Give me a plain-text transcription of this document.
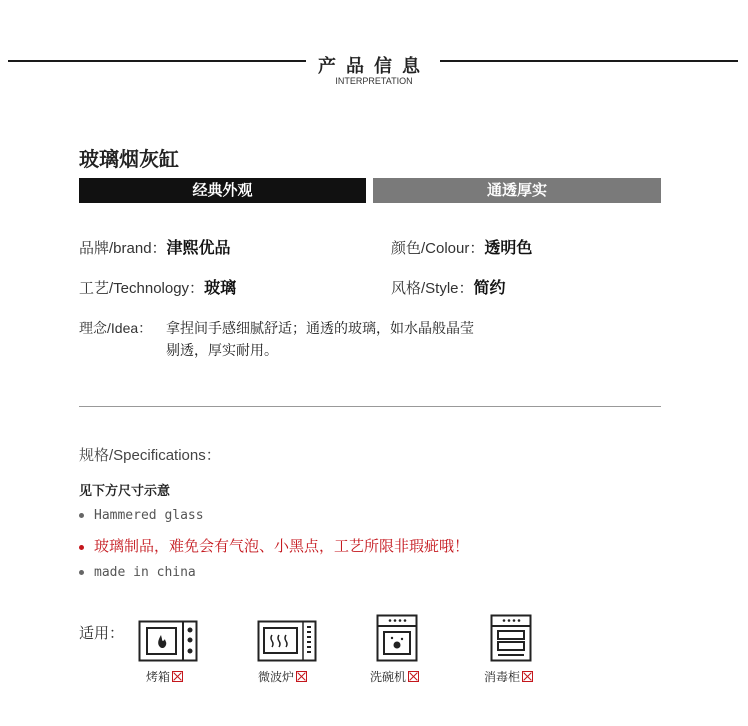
产品信息
INTERPRETATION
玻璃烟灰缸
经典外观	通透厚实
品牌/brand：津熙优品	颜色/Colour：透明色
工艺/Technology：玻璃	风格/Style：简约
理念/Idea： 拿捏间手感细腻舒适；通透的玻璃，如水晶般晶莹
剔透，厚实耐用。
规格/Specifications：
见下方尺寸示意
Hammered glass
玻璃制品，难免会有气泡、小黑点，工艺所限非瑕疵哦！
made in china
适用：
烤箱	微波炉	洗碗机	消毒柜
